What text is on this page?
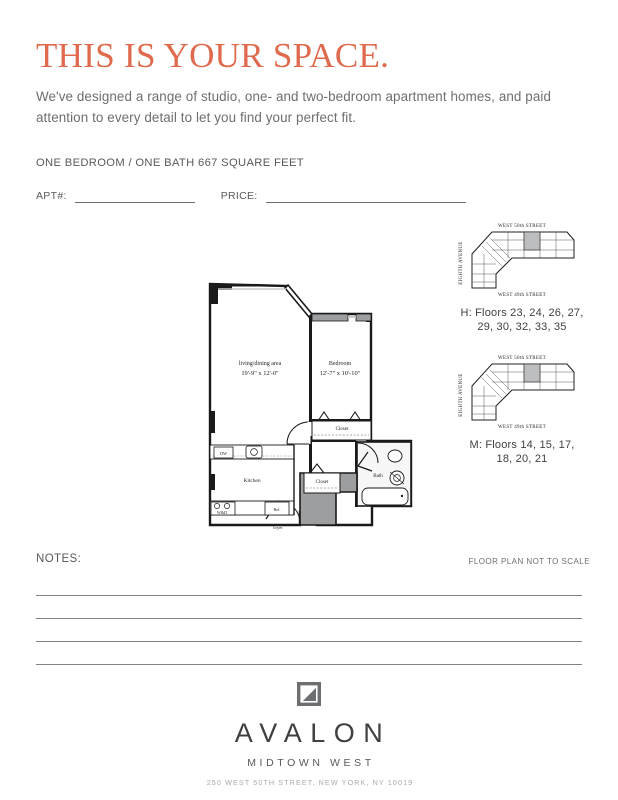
THIS IS YOUR SPACE.
We've designed a range of studio, one- and two-bedroom apartment homes, and paid attention to every detail to let you find your perfect fit.
ONE BEDROOM / ONE BATH 667 SQUARE FEET
APT#:	PRICE:
living/dining area
19'-9" x 12'-0"
Bedroom
12'-7" x 10'-10"
Closet
Bath
Closet
foyer
DW
Kitchen
W&D
Ref.
WEST 50th STREET
EIGHTH AVENUE
WEST 49th STREET
H: Floors 23, 24, 26, 27,
29, 30, 32, 33, 35
WEST 50th STREET
EIGHTH AVENUE
WEST 49th STREET
M: Floors 14, 15, 17,
18, 20, 21
NOTES:	FLOOR PLAN NOT TO SCALE
AVALON
MIDTOWN WEST
250 WEST 50TH STREET, NEW YORK, NY 10019
